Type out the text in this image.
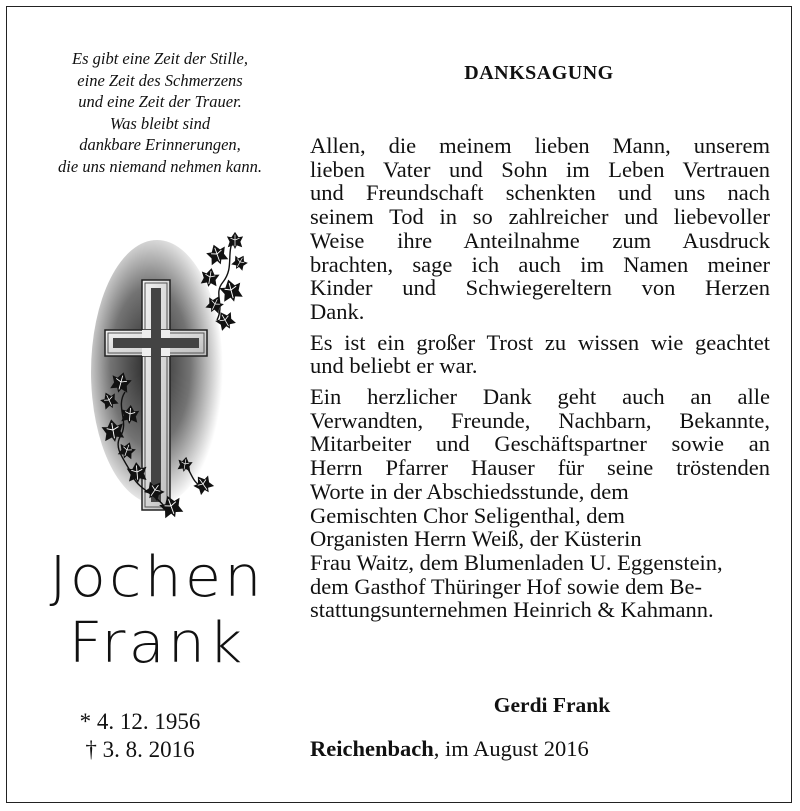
Es gibt eine Zeit der Stille,
eine Zeit des Schmerzens
und eine Zeit der Trauer.
Was bleibt sind
dankbare Erinnerungen,
die uns niemand nehmen kann.
Jochen
Frank
* 4. 12. 1956
† 3. 8. 2016
DANKSAGUNG
Allen, die meinem lieben Mann, unserem
lieben Vater und Sohn im Leben Vertrauen
und Freundschaft schenkten und uns nach
seinem Tod in so zahlreicher und liebevoller
Weise ihre Anteilnahme zum Ausdruck
brachten, sage ich auch im Namen meiner
Kinder und Schwiegereltern von Herzen
Dank.
Es ist ein großer Trost zu wissen wie geachtet
und beliebt er war.
Ein herzlicher Dank geht auch an alle
Verwandten, Freunde, Nachbarn, Bekannte,
Mitarbeiter und Geschäftspartner sowie an
Herrn Pfarrer Hauser für seine tröstenden
Worte in der Abschiedsstunde, dem
Gemischten Chor Seligenthal, dem
Organisten Herrn Weiß, der Küsterin
Frau Waitz, dem Blumenladen U. Eggenstein,
dem Gasthof Thüringer Hof sowie dem Be-
stattungsunternehmen Heinrich & Kahmann.
Gerdi Frank
Reichenbach, im August 2016
